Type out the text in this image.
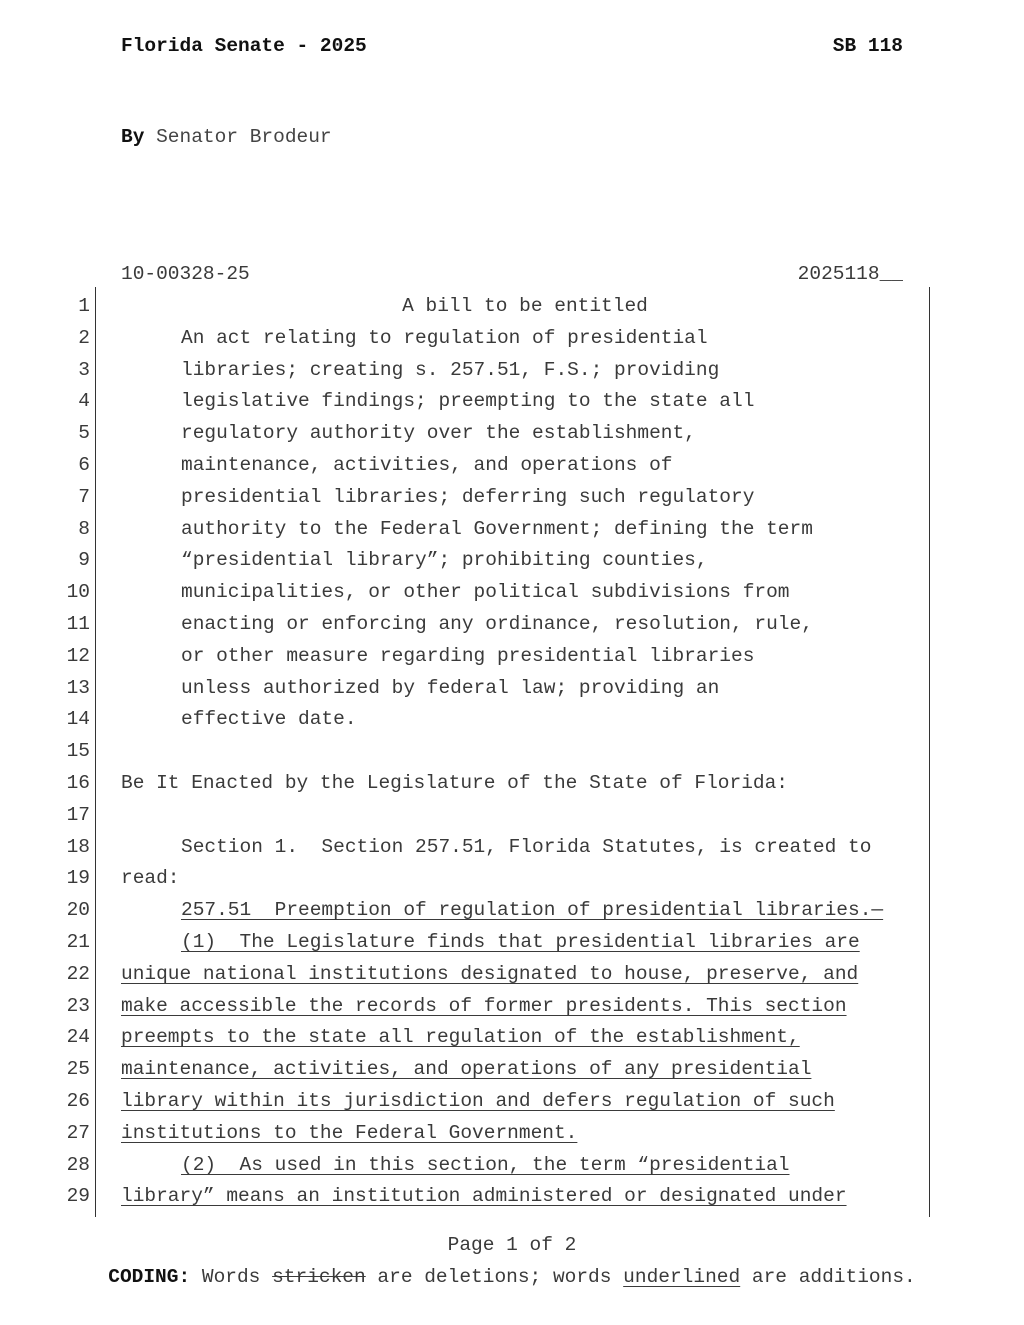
Florida Senate - 2025	SB 118
By Senator Brodeur
10-00328-25	2025118__
1	A bill to be entitled
2	An act relating to regulation of presidential
3	libraries; creating s. 257.51, F.S.; providing
4	legislative findings; preempting to the state all
5	regulatory authority over the establishment,
6	maintenance, activities, and operations of
7	presidential libraries; deferring such regulatory
8	authority to the Federal Government; defining the term
9	“presidential library”; prohibiting counties,
10	municipalities, or other political subdivisions from
11	enacting or enforcing any ordinance, resolution, rule,
12	or other measure regarding presidential libraries
13	unless authorized by federal law; providing an
14	effective date.
15
16 Be It Enacted by the Legislature of the State of Florida:
17
18	Section 1.  Section 257.51, Florida Statutes, is created to
19 read:
20	257.51  Preemption of regulation of presidential libraries.—
21	(1)  The Legislature finds that presidential libraries are
22 unique national institutions designated to house, preserve, and
23 make accessible the records of former presidents. This section
24 preempts to the state all regulation of the establishment,
25 maintenance, activities, and operations of any presidential
26 library within its jurisdiction and defers regulation of such
27 institutions to the Federal Government.
28	(2)  As used in this section, the term “presidential
29 library” means an institution administered or designated under
Page 1 of 2
CODING: Words stricken are deletions; words underlined are additions.
